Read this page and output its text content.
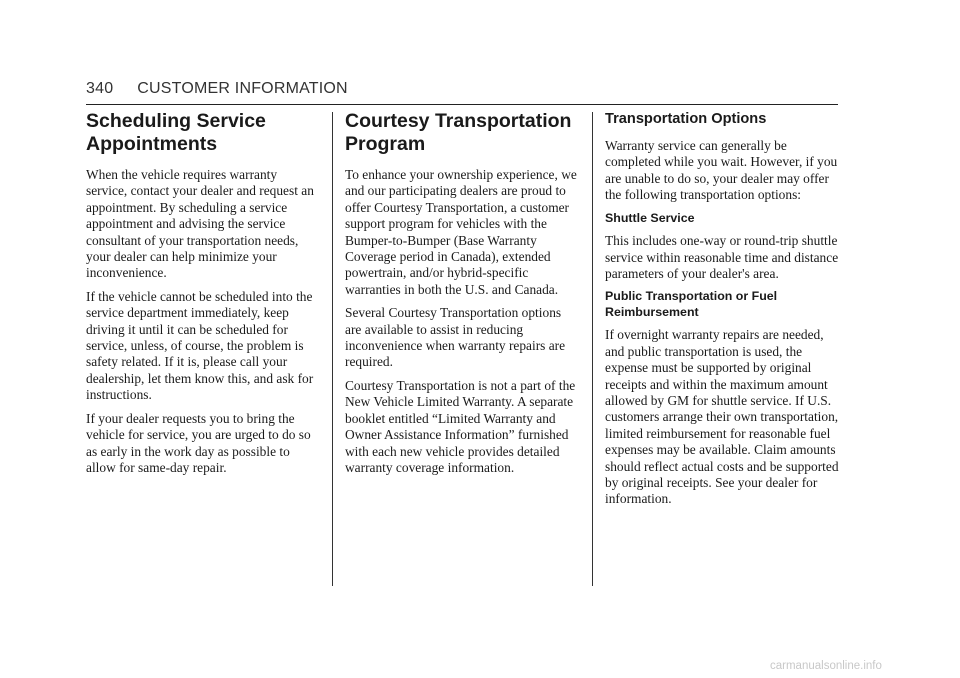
340 CUSTOMER INFORMATION
Scheduling Service Appointments

When the vehicle requires warranty service, contact your dealer and request an appointment. By scheduling a service appointment and advising the service consultant of your transportation needs, your dealer can help minimize your inconvenience.

If the vehicle cannot be scheduled into the service department immediately, keep driving it until it can be scheduled for service, unless, of course, the problem is safety related. If it is, please call your dealership, let them know this, and ask for instructions.

If your dealer requests you to bring the vehicle for service, you are urged to do so as early in the work day as possible to allow for same-day repair.

Courtesy Transportation Program

To enhance your ownership experience, we and our participating dealers are proud to offer Courtesy Transportation, a customer support program for vehicles with the Bumper-to-Bumper (Base Warranty Coverage period in Canada), extended powertrain, and/or hybrid-specific warranties in both the U.S. and Canada.

Several Courtesy Transportation options are available to assist in reducing inconvenience when warranty repairs are required.

Courtesy Transportation is not a part of the New Vehicle Limited Warranty. A separate booklet entitled “Limited Warranty and Owner Assistance Information” furnished with each new vehicle provides detailed warranty coverage information.

Transportation Options

Warranty service can generally be completed while you wait. However, if you are unable to do so, your dealer may offer the following transportation options:

Shuttle Service

This includes one-way or round-trip shuttle service within reasonable time and distance parameters of your dealer's area.

Public Transportation or Fuel Reimbursement

If overnight warranty repairs are needed, and public transportation is used, the expense must be supported by original receipts and within the maximum amount allowed by GM for shuttle service. If U.S. customers arrange their own transportation, limited reimbursement for reasonable fuel expenses may be available. Claim amounts should reflect actual costs and be supported by original receipts. See your dealer for information.

carmanualsonline.info
